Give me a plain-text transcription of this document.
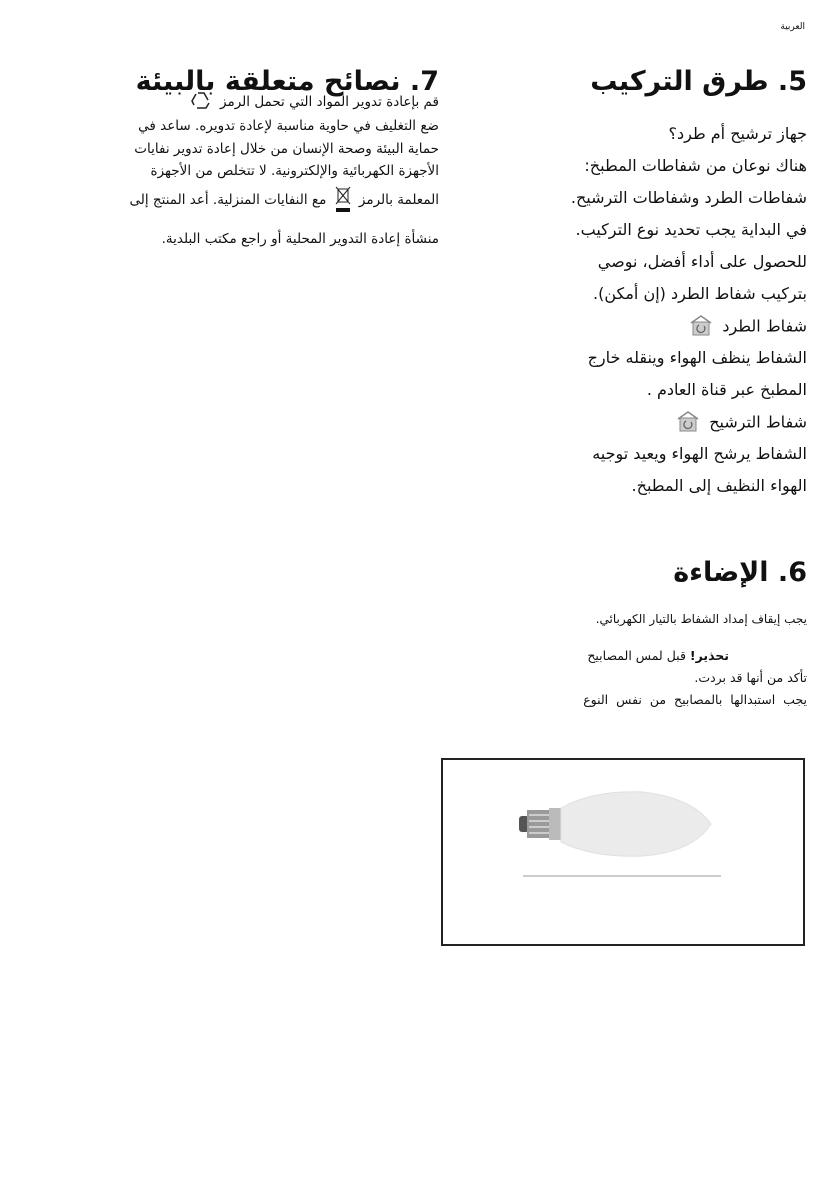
العربية
5. طرق التركيب
جهاز ترشيح أم طرد؟
هناك نوعان من شفاطات المطبخ:
شفاطات الطرد وشفاطات الترشيح.
في البداية يجب تحديد نوع التركيب.
للحصول على أداء أفضل، نوصي
بتركيب شفاط الطرد (إن أمكن).
شفاط الطرد
الشفاط ينظف الهواء وينقله خارج
المطبخ عبر قناة العادم .
شفاط الترشيح
الشفاط يرشح الهواء ويعيد توجيه
الهواء النظيف إلى المطبخ.
6. الإضاءة
يجب إيقاف إمداد الشفاط بالتيار الكهربائي.
تحذير! قبل لمس المصابيح
تأكد من أنها قد بردت.
يجب استبدالها بالمصابيح من نفس النوع
7. نصائح متعلقة بالبيئة
قم بإعادة تدوير المواد التي تحمل الرمز
ضع التغليف في حاوية مناسبة لإعادة تدويره. ساعد في
حماية البيئة وصحة الإنسان من خلال إعادة تدوير نفايات
الأجهزة الكهربائية والإلكترونية. لا تتخلص من الأجهزة
المعلمة بالرمز  مع النفايات المنزلية. أعد المنتج إلى
منشأة إعادة التدوير المحلية أو راجع مكتب البلدية.
